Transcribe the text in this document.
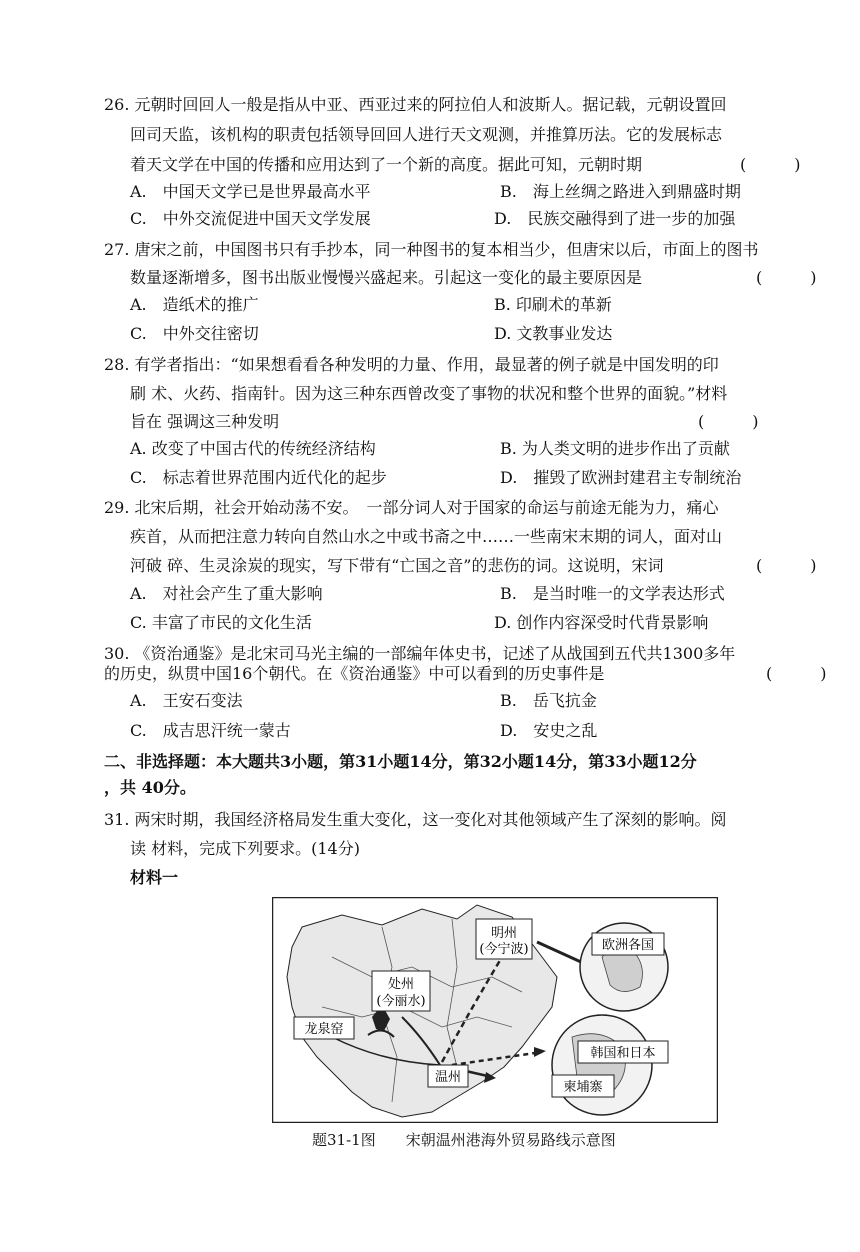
26. 元朝时回回人一般是指从中亚、西亚过来的阿拉伯人和波斯人。据记载，元朝设置回
回司天监，该机构的职责包括领导回回人进行天文观测，并推算历法。它的发展标志
着天文学在中国的传播和应用达到了一个新的高度。据此可知，元朝时期	(　　　)
A.　中国天文学已是世界最高水平	B.　海上丝绸之路进入到鼎盛时期
C.　中外交流促进中国天文学发展	D.　民族交融得到了进一步的加强
27. 唐宋之前，中国图书只有手抄本，同一种图书的复本相当少，但唐宋以后，市面上的图书
数量逐渐增多，图书出版业慢慢兴盛起来。引起这一变化的最主要原因是	(　　　)
A.　造纸术的推广	B. 印刷术的革新
C.　中外交往密切	D. 文教事业发达
28. 有学者指出：“如果想看看各种发明的力量、作用，最显著的例子就是中国发明的印
刷 术、火药、指南针。因为这三种东西曾改变了事物的状况和整个世界的面貌。”材料
旨在 强调这三种发明	(　　　)
A. 改变了中国古代的传统经济结构	B. 为人类文明的进步作出了贡献
C.　标志着世界范围内近代化的起步	D.　摧毁了欧洲封建君主专制统治
29. 北宋后期，社会开始动荡不安。　一部分词人对于国家的命运与前途无能为力，痛心
疾首，从而把注意力转向自然山水之中或书斋之中……一些南宋末期的词人，面对山
河破 碎、生灵涂炭的现实，写下带有“亡国之音”的悲伤的词。这说明，宋词	(　　　)
A.　对社会产生了重大影响	B.　是当时唯一的文学表达形式
C. 丰富了市民的文化生活	D. 创作内容深受时代背景影响
30. 《资治通鉴》是北宋司马光主编的一部编年体史书，记述了从战国到五代共1300多年
的历史，纵贯中国16个朝代。在《资治通鉴》中可以看到的历史事件是	(　　　)
A.　王安石变法	B.　岳飞抗金
C.　成吉思汗统一蒙古	D.　安史之乱
二、非选择题：本大题共3小题，第31小题14分，第32小题14分，第33小题12分
，共 40分。
31. 两宋时期，我国经济格局发生重大变化，这一变化对其他领域产生了深刻的影响。阅
读 材料，完成下列要求。(14分)
材料一
明州
(今宁波)	欧洲各国
处州
(今丽水)
龙泉窑
温州
韩国和日本
柬埔寨
题31-1图　　宋朝温州港海外贸易路线示意图
